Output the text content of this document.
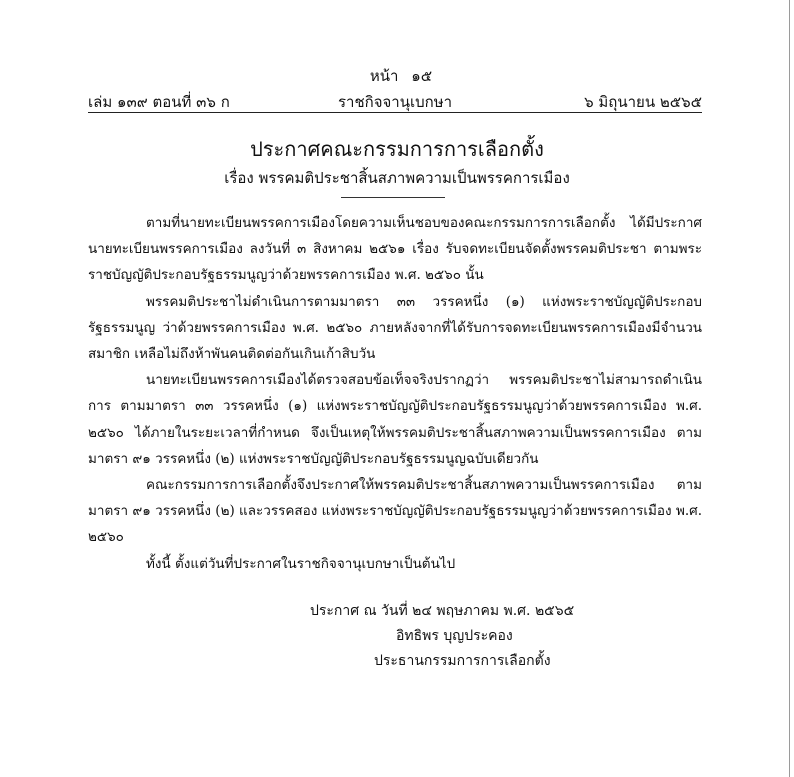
หน้า ๑๕
เล่ม ๑๓๙ ตอนที่ ๓๖ ก	ราชกิจจานุเบกษา	๖ มิถุนายน ๒๕๖๕
ประกาศคณะกรรมการการเลือกตั้ง
เรื่อง พรรคมติประชาสิ้นสภาพความเป็นพรรคการเมือง

ตามที่นายทะเบียนพรรคการเมืองโดยความเห็นชอบของคณะกรรมการการเลือกตั้ง ได้มีประกาศนายทะเบียนพรรคการเมือง ลงวันที่ ๓ สิงหาคม ๒๕๖๑ เรื่อง รับจดทะเบียนจัดตั้งพรรคมติประชา ตามพระราชบัญญัติประกอบรัฐธรรมนูญว่าด้วยพรรคการเมือง พ.ศ. ๒๕๖๐ นั้น

พรรคมติประชาไม่ดำเนินการตามมาตรา ๓๓ วรรคหนึ่ง (๑) แห่งพระราชบัญญัติประกอบรัฐธรรมนูญ ว่าด้วยพรรคการเมือง พ.ศ. ๒๕๖๐ ภายหลังจากที่ได้รับการจดทะเบียนพรรคการเมืองมีจำนวนสมาชิก เหลือไม่ถึงห้าพันคนติดต่อกันเกินเก้าสิบวัน

นายทะเบียนพรรคการเมืองได้ตรวจสอบข้อเท็จจริงปรากฏว่า พรรคมติประชาไม่สามารถดำเนินการ ตามมาตรา ๓๓ วรรคหนึ่ง (๑) แห่งพระราชบัญญัติประกอบรัฐธรรมนูญว่าด้วยพรรคการเมือง พ.ศ. ๒๕๖๐ ได้ภายในระยะเวลาที่กำหนด จึงเป็นเหตุให้พรรคมติประชาสิ้นสภาพความเป็นพรรคการเมือง ตามมาตรา ๙๑ วรรคหนึ่ง (๒) แห่งพระราชบัญญัติประกอบรัฐธรรมนูญฉบับเดียวกัน

คณะกรรมการการเลือกตั้งจึงประกาศให้พรรคมติประชาสิ้นสภาพความเป็นพรรคการเมือง ตามมาตรา ๙๑ วรรคหนึ่ง (๒) และวรรคสอง แห่งพระราชบัญญัติประกอบรัฐธรรมนูญว่าด้วยพรรคการเมือง พ.ศ. ๒๕๖๐

ทั้งนี้ ตั้งแต่วันที่ประกาศในราชกิจจานุเบกษาเป็นต้นไป

ประกาศ ณ วันที่ ๒๔ พฤษภาคม พ.ศ. ๒๕๖๕
อิทธิพร บุญประคอง
ประธานกรรมการการเลือกตั้ง
